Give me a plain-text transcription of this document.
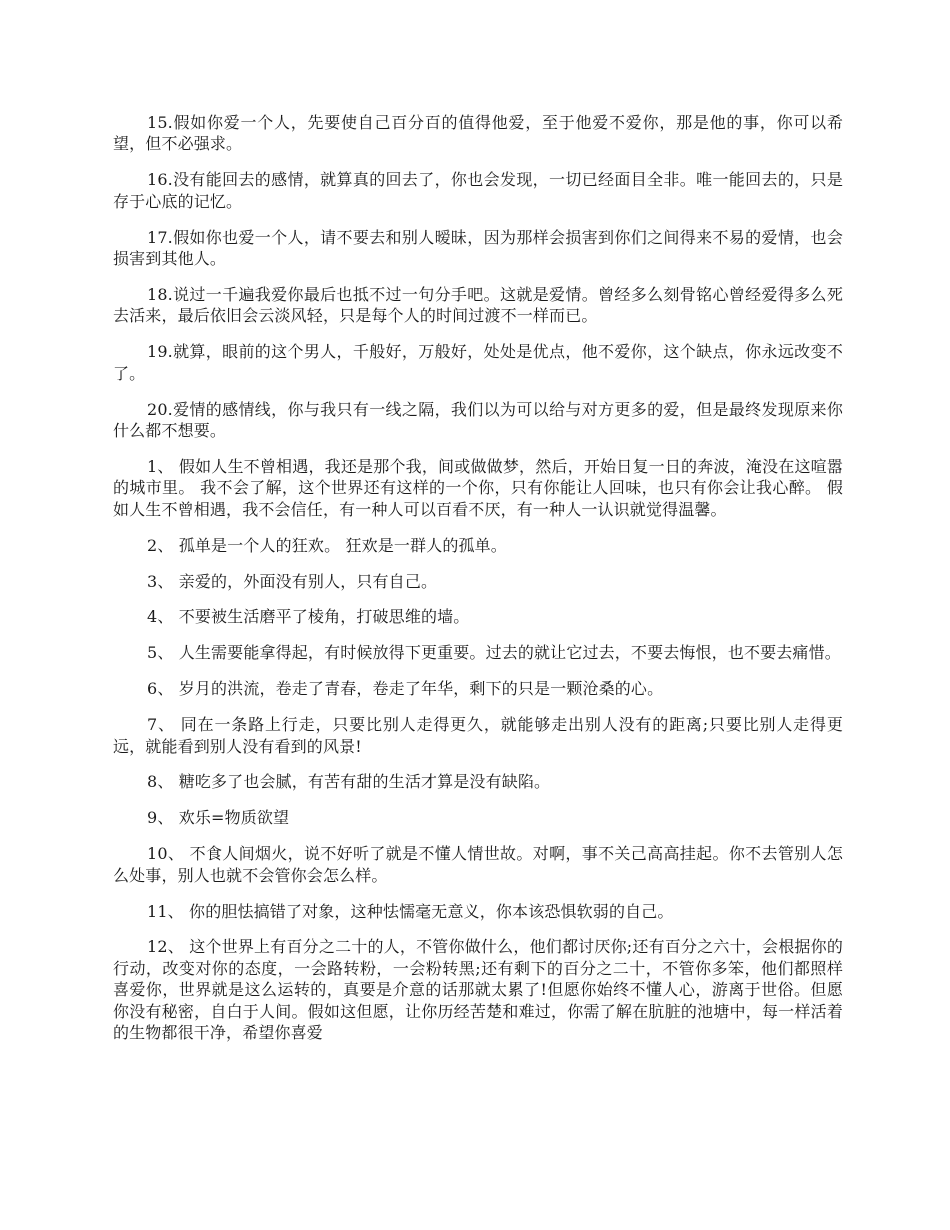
15.假如你爱一个人，先要使自己百分百的值得他爱，至于他爱不爱你，那是他的事，你可以希望，但不必强求。

16.没有能回去的感情，就算真的回去了，你也会发现，一切已经面目全非。唯一能回去的，只是存于心底的记忆。

17.假如你也爱一个人，请不要去和别人暧昧，因为那样会损害到你们之间得来不易的爱情，也会损害到其他人。

18.说过一千遍我爱你最后也抵不过一句分手吧。这就是爱情。曾经多么刻骨铭心曾经爱得多么死去活来，最后依旧会云淡风轻，只是每个人的时间过渡不一样而已。

19.就算，眼前的这个男人，千般好，万般好，处处是优点，他不爱你，这个缺点，你永远改变不了。

20.爱情的感情线，你与我只有一线之隔，我们以为可以给与对方更多的爱，但是最终发现原来你什么都不想要。

1、 假如人生不曾相遇，我还是那个我，间或做做梦，然后，开始日复一日的奔波，淹没在这喧嚣的城市里。 我不会了解，这个世界还有这样的一个你，只有你能让人回味，也只有你会让我心醉。 假如人生不曾相遇，我不会信任，有一种人可以百看不厌，有一种人一认识就觉得温馨。

2、 孤单是一个人的狂欢。 狂欢是一群人的孤单。

3、 亲爱的，外面没有别人，只有自己。

4、 不要被生活磨平了棱角，打破思维的墙。

5、 人生需要能拿得起，有时候放得下更重要。过去的就让它过去，不要去悔恨，也不要去痛惜。

6、 岁月的洪流，卷走了青春，卷走了年华，剩下的只是一颗沧桑的心。

7、 同在一条路上行走，只要比别人走得更久，就能够走出别人没有的距离;只要比别人走得更远，就能看到别人没有看到的风景!

8、 糖吃多了也会腻，有苦有甜的生活才算是没有缺陷。

9、 欢乐=物质欲望

10、 不食人间烟火，说不好听了就是不懂人情世故。对啊，事不关己高高挂起。你不去管别人怎么处事，别人也就不会管你会怎么样。

11、 你的胆怯搞错了对象，这种怯懦毫无意义，你本该恐惧软弱的自己。

12、 这个世界上有百分之二十的人，不管你做什么，他们都讨厌你;还有百分之六十，会根据你的行动，改变对你的态度，一会路转粉，一会粉转黑;还有剩下的百分之二十，不管你多笨，他们都照样喜爱你，世界就是这么运转的，真要是介意的话那就太累了!但愿你始终不懂人心，游离于世俗。但愿你没有秘密，自白于人间。假如这但愿，让你历经苦楚和难过，你需了解在肮脏的池塘中，每一样活着的生物都很干净，希望你喜爱
